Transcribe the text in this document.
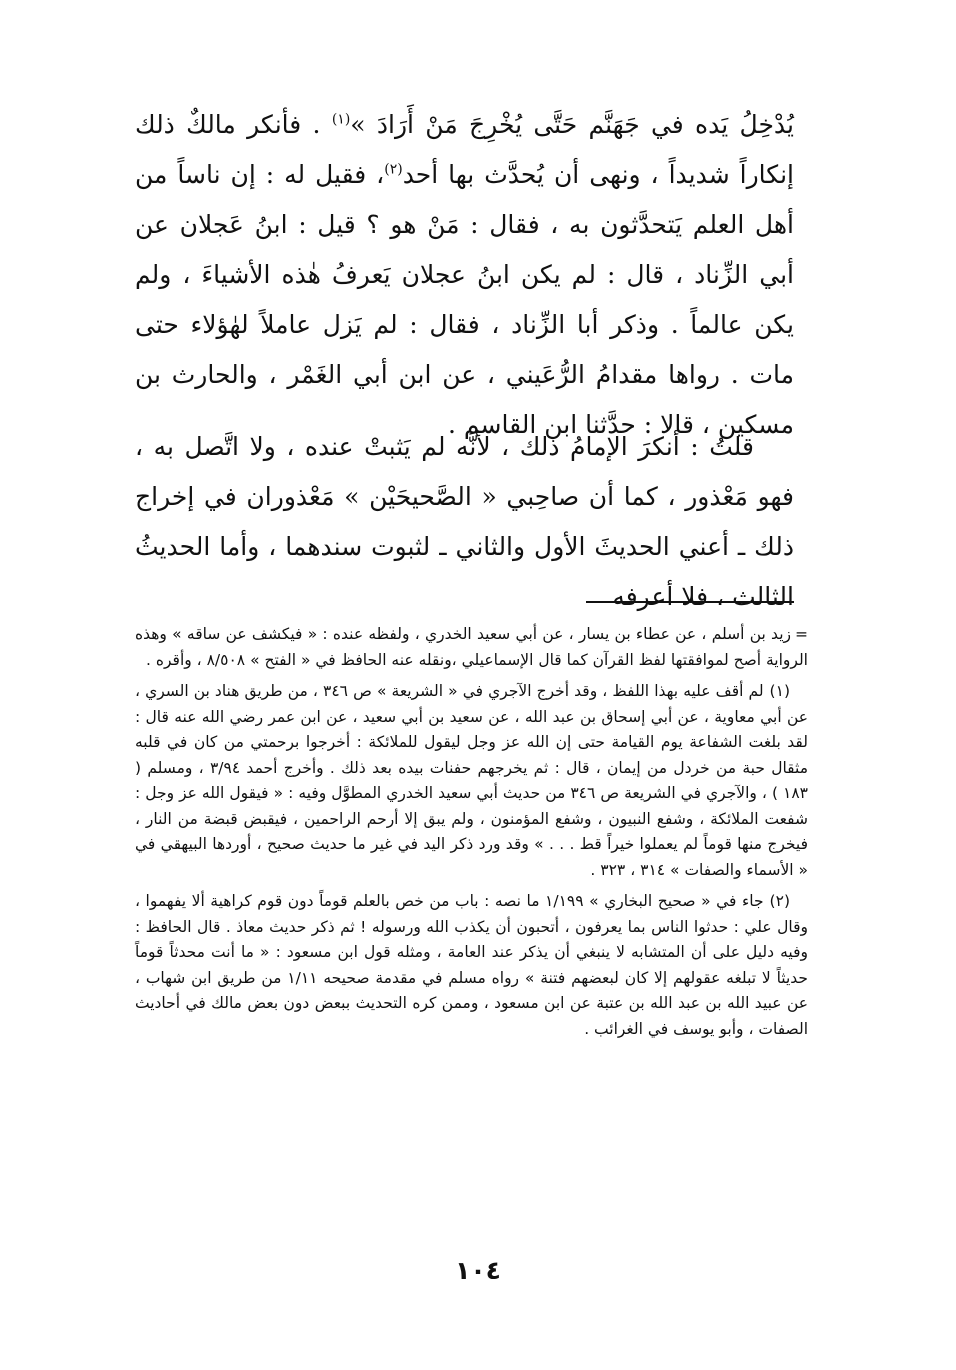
يُدْخِلُ يَده في جَهَنَّم حَتَّى يُخْرِجَ مَنْ أَرَادَ »$^{(١)}$ . فأنكر مالكٌ ذلك إنكاراً شديداً ، ونهى أن يُحدَّث بها أحد$^{(٢)}$، فقيل له : إن ناساً من أهل العلم يَتحدَّثون به ، فقال : مَنْ هو ؟ قيل : ابنُ عَجلان عن أبي الزِّناد ، قال : لم يكن ابنُ عجلان يَعرفُ هٰذه الأشياءَ ، ولم يكن عالماً . وذكر أبا الزِّناد ، فقال : لم يَزل عاملاً لهٰؤلاء حتى مات . رواها مقدامُ الرُّعَيني ، عن ابن أبي الغَمْر ، والحارث بن مسكين ، قالا : حدَّثنا ابن القاسم .

قلتُ : أنكرَ الإمامُ ذلك ، لأنَّه لم يَثبتْ عنده ، ولا اتَّصل به ، فهو مَعْذور ، كما أن صاحِبي « الصَّحيحَيْن » مَعْذوران في إخراج ذلك ـ أعني الحديثَ الأول والثاني ـ لثبوت سندهما ، وأما الحديثُ الثالث ، فلا أعرفه

=زيد بن أسلم ، عن عطاء بن يسار ، عن أبي سعيد الخدري ، ولفظه عنده : « فيكشف عن ساقه » وهذه الرواية أصح لموافقتها لفظ القرآن كما قال الإسماعيلي ،ونقله عنه الحافظ في « الفتح » ٨/٥٠٨ ، وأقره .

(١)لم أقف عليه بهذا اللفظ ، وقد أخرج الآجري في « الشريعة » ص ٣٤٦ ، من طريق هناد بن السري ، عن أبي معاوية ، عن أبي إسحاق بن عبد الله ، عن سعيد بن أبي سعيد ، عن ابن عمر رضي الله عنه قال : لقد بلغت الشفاعة يوم القيامة حتى إن الله عز وجل ليقول للملائكة : أخرجوا برحمتي من كان في قلبه مثقال حبة من خردل من إيمان ، قال : ثم يخرجهم حفنات بيده بعد ذلك . وأخرج أحمد ٣/٩٤ ، ومسلم ( ١٨٣ ) ، والآجري في الشريعة ص ٣٤٦ من حديث أبي سعيد الخدري المطوَّل وفيه : « فيقول الله عز وجل : شفعت الملائكة ، وشفع النبيون ، وشفع المؤمنون ، ولم يبق إلا أرحم الراحمين ، فيقبض قبضة من النار ، فيخرج منها قوماً لم يعملوا خيراً قط . . . » وقد ورد ذكر اليد في غير ما حديث صحيح ، أوردها البيهقي في « الأسماء والصفات » ٣١٤ ، ٣٢٣ .

(٢)جاء في « صحيح البخاري » ١/١٩٩ ما نصه : باب من خص بالعلم قوماً دون قوم كراهية ألا يفهموا ، وقال علي : حدثوا الناس بما يعرفون ، أتحبون أن يكذب الله ورسوله ! ثم ذكر حديث معاذ . قال الحافظ : وفيه دليل على أن المتشابه لا ينبغي أن يذكر عند العامة ، ومثله قول ابن مسعود : « ما أنت محدثاً قوماً حديثاً لا تبلغه عقولهم إلا كان لبعضهم فتنة » رواه مسلم في مقدمة صحيحه ١/١١ من طريق ابن شهاب ، عن عبيد الله بن عبد الله بن عتبة عن ابن مسعود ، وممن كره التحديث ببعض دون بعض مالك في أحاديث الصفات ، وأبو يوسف في الغرائب .

١٠٤
